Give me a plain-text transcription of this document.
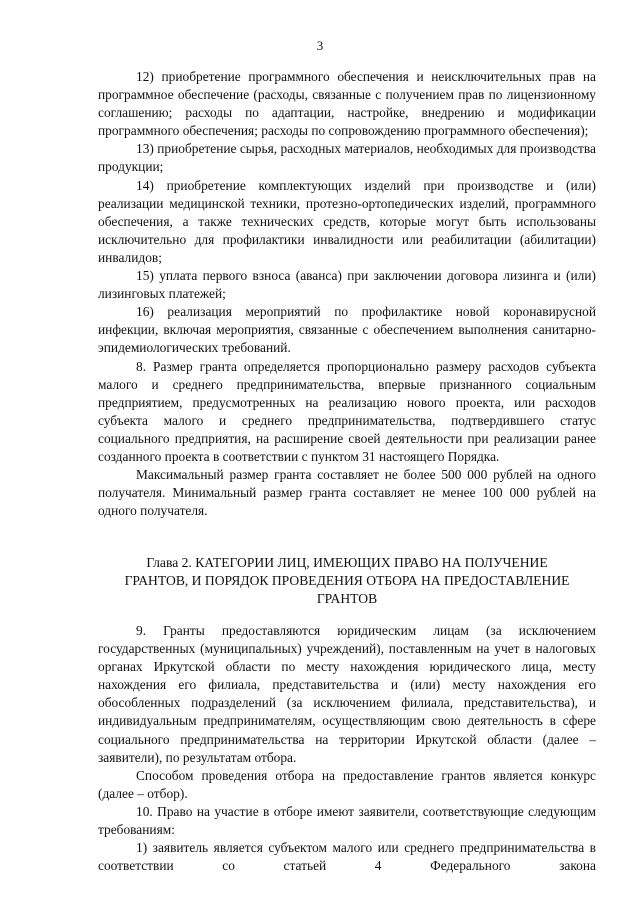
3

12) приобретение программного обеспечения и неисключительных прав на программное обеспечение (расходы, связанные с получением прав по лицензионному соглашению; расходы по адаптации, настройке, внедрению и модификации программного обеспечения; расходы по сопровождению программного обеспечения);

13) приобретение сырья, расходных материалов, необходимых для производства продукции;

14) приобретение комплектующих изделий при производстве и (или) реализации медицинской техники, протезно-ортопедических изделий, программного обеспечения, а также технических средств, которые могут быть использованы исключительно для профилактики инвалидности или реабилитации (абилитации) инвалидов;

15) уплата первого взноса (аванса) при заключении договора лизинга и (или) лизинговых платежей;

16) реализация мероприятий по профилактике новой коронавирусной инфекции, включая мероприятия, связанные с обеспечением выполнения санитарно-эпидемиологических требований.

8. Размер гранта определяется пропорционально размеру расходов субъекта малого и среднего предпринимательства, впервые признанного социальным предприятием, предусмотренных на реализацию нового проекта, или расходов субъекта малого и среднего предпринимательства, подтвердившего статус социального предприятия, на расширение своей деятельности при реализации ранее созданного проекта в соответствии с пунктом 31 настоящего Порядка.

Максимальный размер гранта составляет не более 500 000 рублей на одного получателя. Минимальный размер гранта составляет не менее 100 000 рублей на одного получателя.

Глава 2. КАТЕГОРИИ ЛИЦ, ИМЕЮЩИХ ПРАВО НА ПОЛУЧЕНИЕ
ГРАНТОВ, И ПОРЯДОК ПРОВЕДЕНИЯ ОТБОРА НА ПРЕДОСТАВЛЕНИЕ
ГРАНТОВ

9. Гранты предоставляются юридическим лицам (за исключением государственных (муниципальных) учреждений), поставленным на учет в налоговых органах Иркутской области по месту нахождения юридического лица, месту нахождения его филиала, представительства и (или) месту нахождения его обособленных подразделений (за исключением филиала, представительства), и индивидуальным предпринимателям, осуществляющим свою деятельность в сфере социального предпринимательства на территории Иркутской области (далее – заявители), по результатам отбора.

Способом проведения отбора на предоставление грантов является конкурс (далее – отбор).

10. Право на участие в отборе имеют заявители, соответствующие следующим требованиям:

1) заявитель является субъектом малого или среднего предпринимательства в соответствии со статьей 4 Федерального закона
